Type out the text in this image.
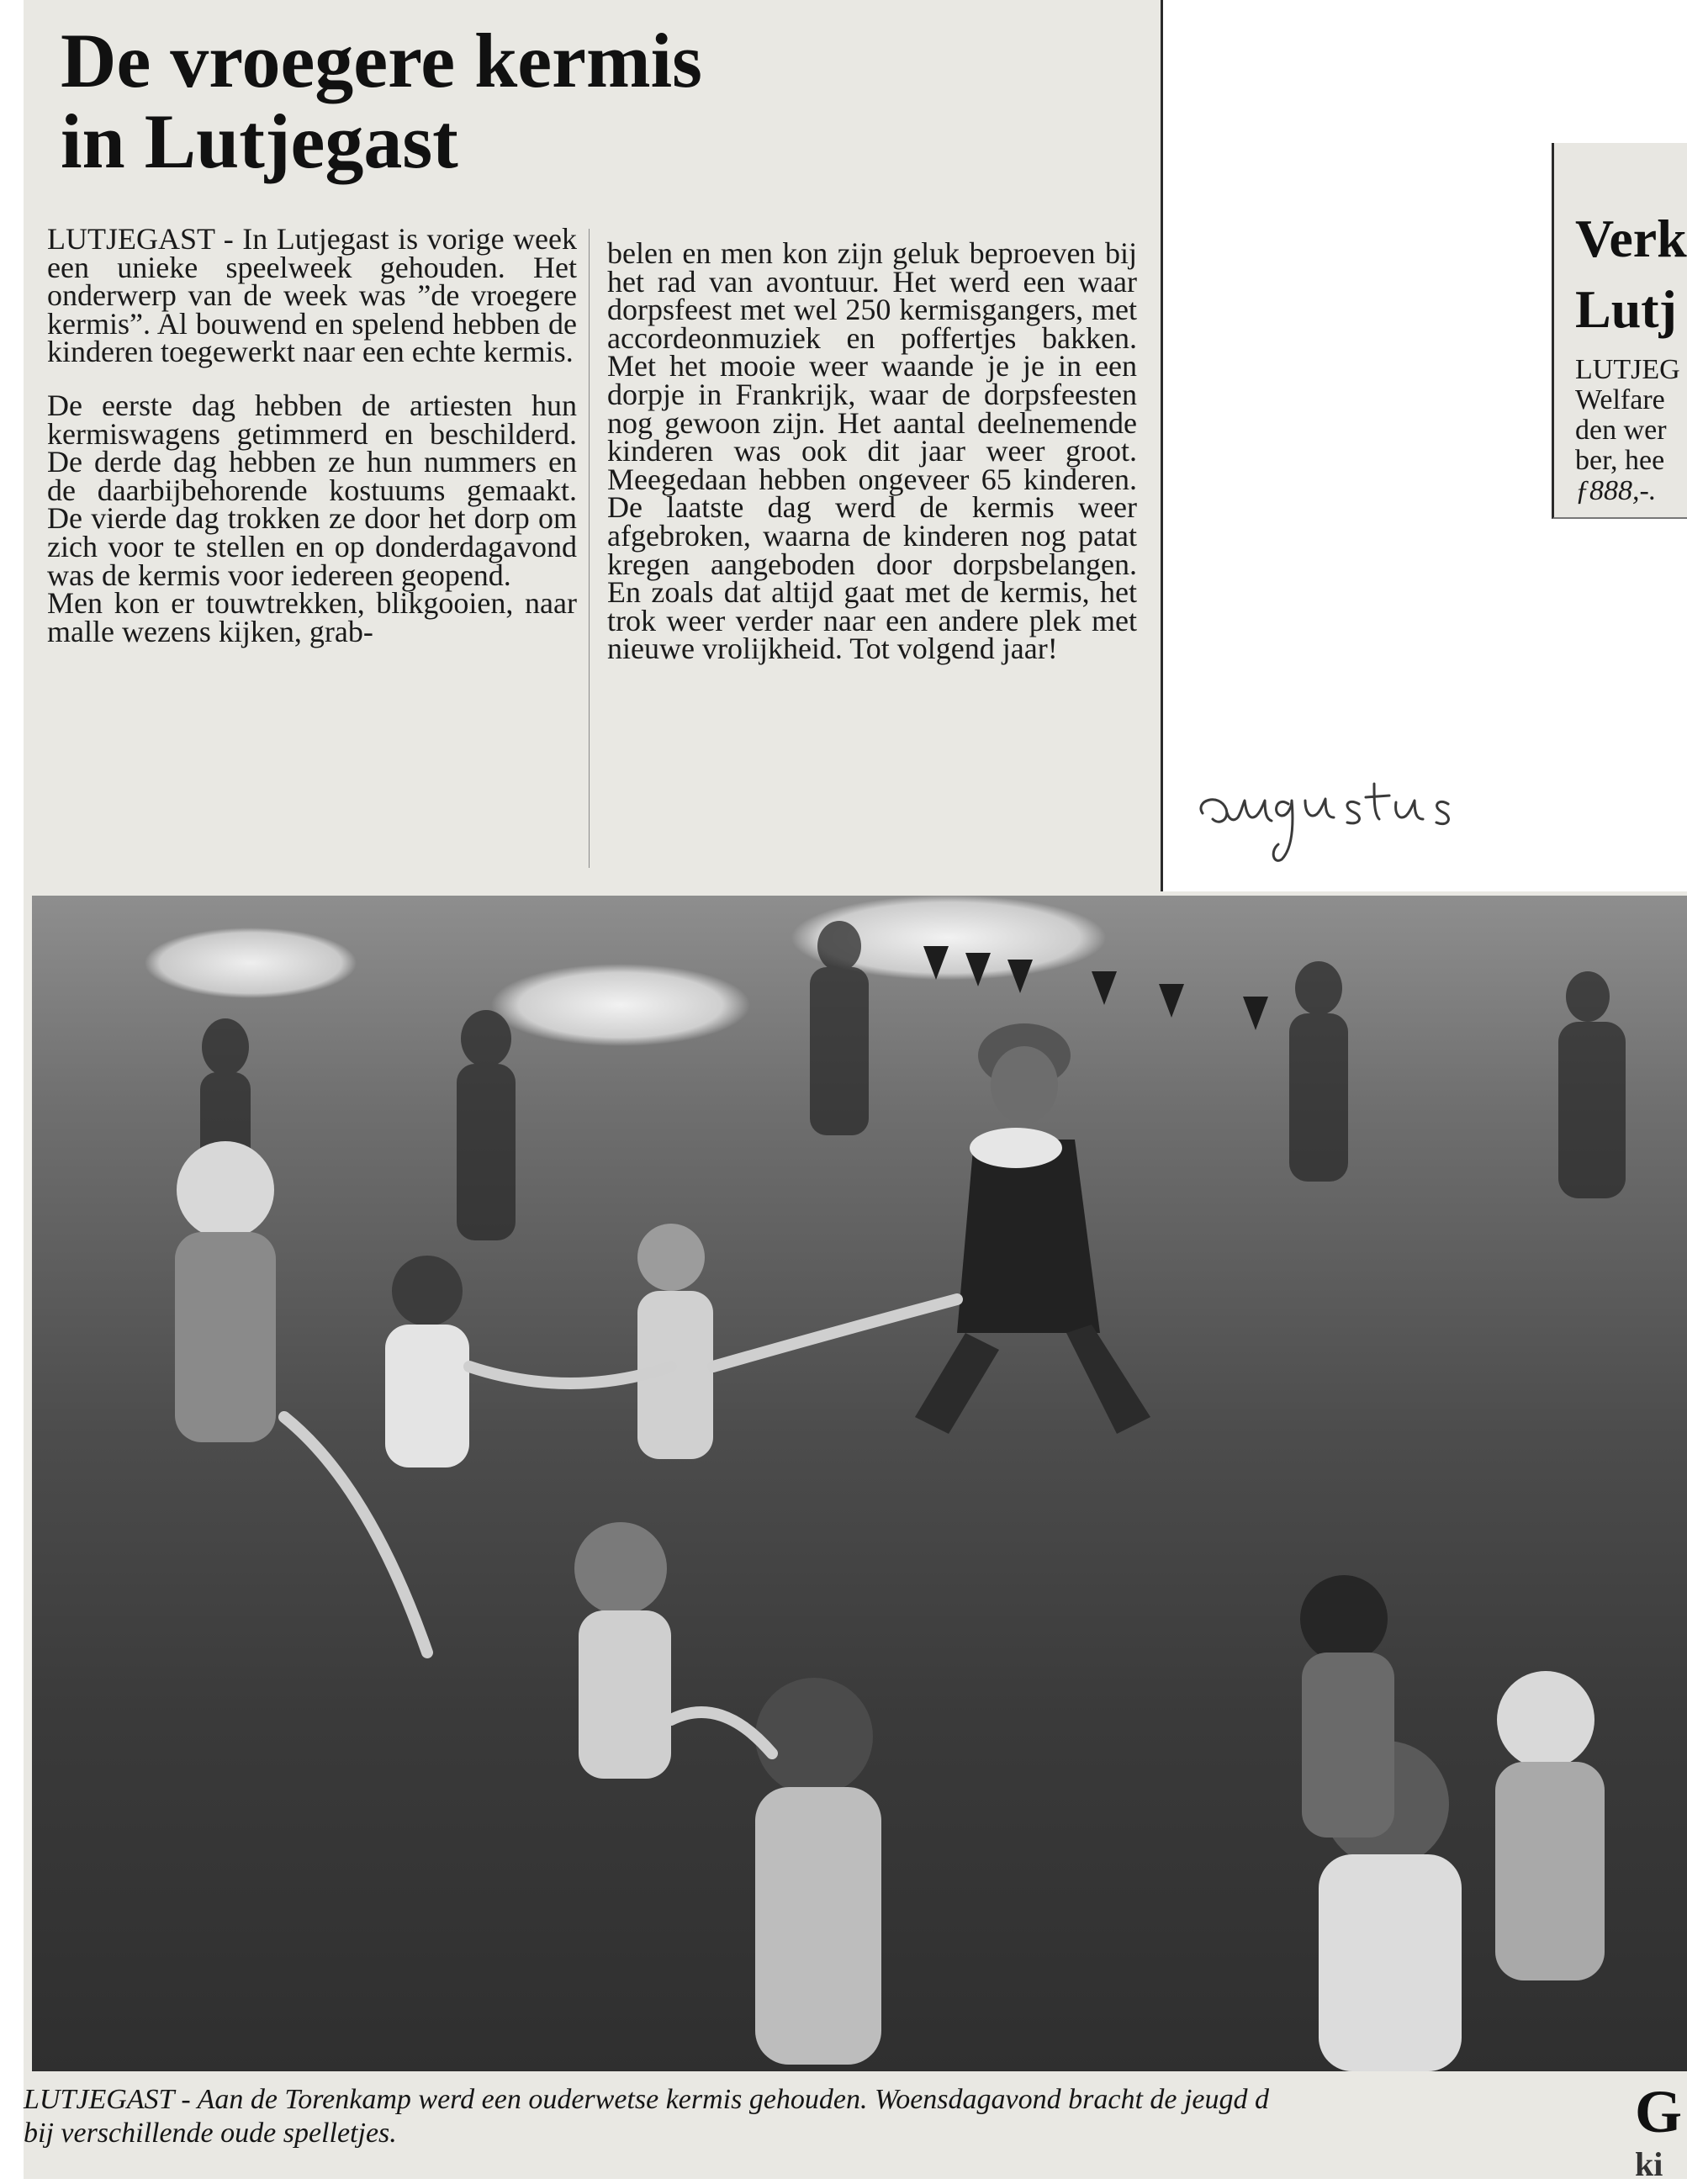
De vroegere kermis
in Lutjegast

LUTJEGAST - In Lutjegast is vorige week een unieke speelweek gehouden. Het onderwerp van de week was ”de vroegere kermis”. Al bouwend en spelend hebben de kinderen toegewerkt naar een echte kermis.

De eerste dag hebben de artiesten hun kermiswagens getimmerd en beschilderd. De derde dag hebben ze hun nummers en de daarbijbehorende kostuums gemaakt. De vierde dag trokken ze door het dorp om zich voor te stellen en op donderdagavond was de kermis voor iedereen geopend.

Men kon er touwtrekken, blikgooien, naar malle wezens kijken, grab-

belen en men kon zijn geluk beproeven bij het rad van avontuur. Het werd een waar dorpsfeest met wel 250 kermisgangers, met accordeonmuziek en poffertjes bakken. Met het mooie weer waande je je in een dorpje in Frankrijk, waar de dorpsfeesten nog gewoon zijn. Het aantal deelnemende kinderen was ook dit jaar weer groot. Meegedaan hebben ongeveer 65 kinderen. De laatste dag werd de kermis weer afgebroken, waarna de kinderen nog patat kregen aangeboden door dorpsbelangen. En zoals dat altijd gaat met de kermis, het trok weer verder naar een andere plek met nieuwe vrolijkheid. Tot volgend jaar!

Verk
Lutj
LUTJEG
Welfare
den wer
ber, hee
ƒ888,-.
LUTJEGAST - Aan de Torenkamp werd een ouderwetse kermis gehouden. Woensdagavond bracht de jeugd d
bij verschillende oude spelletjes.	G
ki
